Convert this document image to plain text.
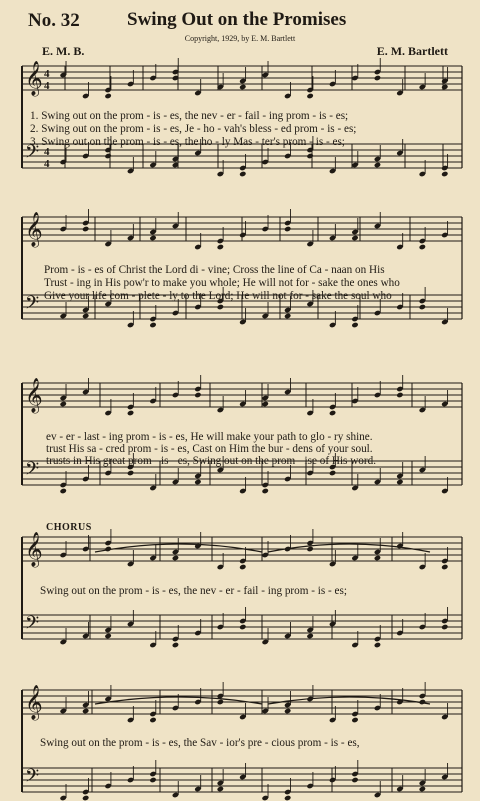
No. 32 Swing Out on the Promises
Copyright, 1929, by E. M. Bartlett
E. M. B.	E. M. Bartlett
𝄞
𝄢
𝄞
𝄢
𝄞
𝄢
𝄞
𝄢
𝄞
𝄢
4
4
4
4
1. Swing out on the prom - is - es, the nev - er - fail - ing prom - is - es;
2. Swing out on the prom - is - es, Je - ho - vah's bless - ed prom - is - es;
3. Swing out on the prom - is - es, the ho - ly Mas - ter's prom - is - es;
Prom - is - es of Christ the Lord di - vine; Cross the line of Ca - naan on His
Trust - ing in His pow'r to make you whole; He will not for - sake the ones who
Give your life com - plete - ly to the Lord; He will not for - sake the soul who
ev - er - last - ing prom - is - es, He will make your path to glo - ry shine.
trust His sa - cred prom - is - es, Cast on Him the bur - dens of your soul.
trusts in His great prom - is - es, Swing out on the prom - ise of His word.
CHORUS
Swing out on the prom - is - es, the nev - er - fail - ing prom - is - es;
Swing out on the prom - is - es, the Sav - ior's pre - cious prom - is - es,
